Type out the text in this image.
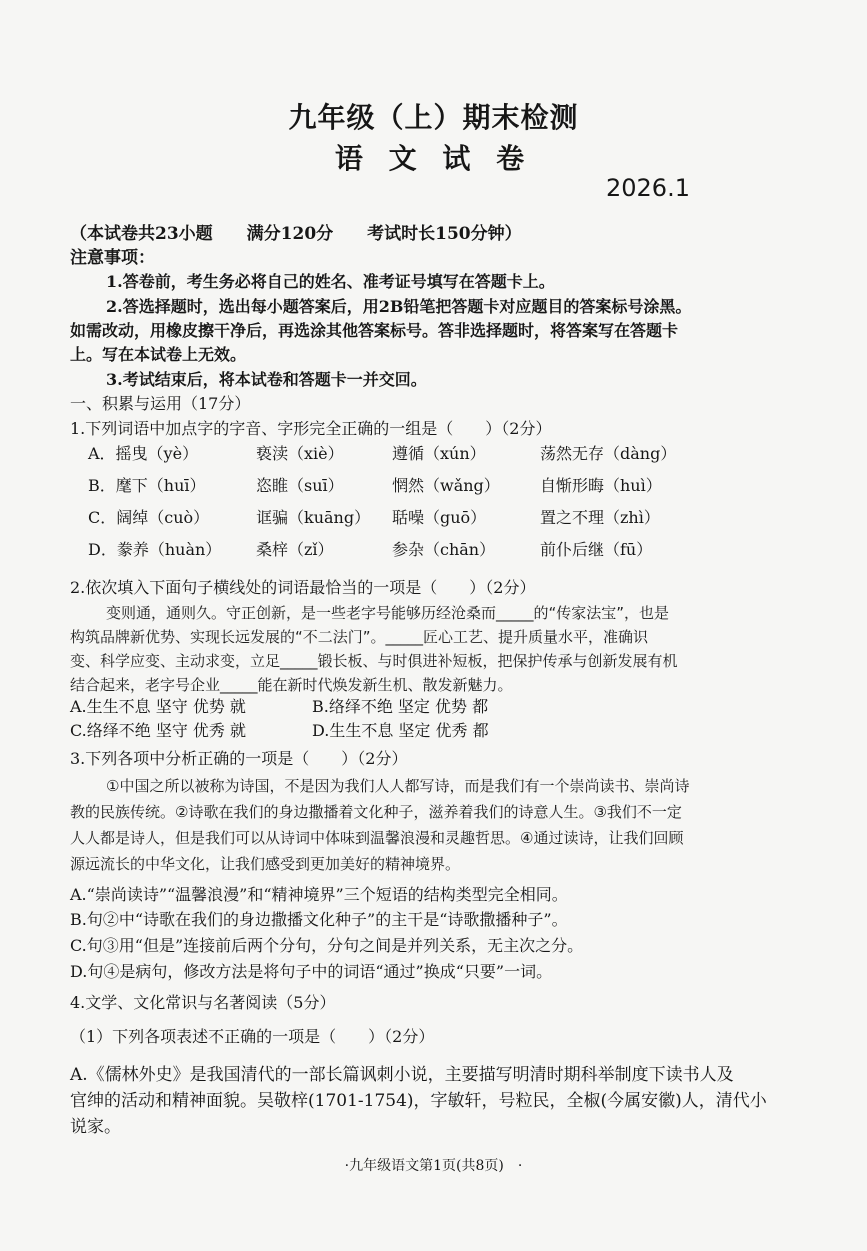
九年级（上）期末检测
语 文 试 卷
2026.1
（本试卷共23小题　　满分120分　　考试时长150分钟）
注意事项：
1.答卷前，考生务必将自己的姓名、准考证号填写在答题卡上。
2.答选择题时，选出每小题答案后，用2B铅笔把答题卡对应题目的答案标号涂黑。
如需改动，用橡皮擦干净后，再选涂其他答案标号。答非选择题时，将答案写在答题卡
上。写在本试卷上无效。
3.考试结束后，将本试卷和答题卡一并交回。
一、积累与运用（17分）
1.下列词语中加点字的字音、字形完全正确的一组是（　　）（2分）
A．摇曳（yè）	亵渎（xiè）	遵循（xún）	荡然无存（dàng）
B．麾下（huī）	恣睢（suī）	惘然（wǎng）	自惭形晦（huì）
C．阔绰（cuò）	诓骗（kuāng） 聒噪（guō）	置之不理（zhì）
D．豢养（huàn） 桑梓（zǐ）	参杂（chān）	前仆后继（fū）
2.依次填入下面句子横线处的词语最恰当的一项是（　　）（2分）
变则通，通则久。守正创新，是一些老字号能够历经沧桑而_____的“传家法宝”，也是
构筑品牌新优势、实现长远发展的“不二法门”。_____匠心工艺、提升质量水平，准确识
变、科学应变、主动求变，立足_____锻长板、与时俱进补短板，把保护传承与创新发展有机
结合起来，老字号企业_____能在新时代焕发新生机、散发新魅力。
A.生生不息 坚守 优势 就	B.络绎不绝 坚定 优势 都
C.络绎不绝 坚守 优秀 就	D.生生不息 坚定 优秀 都
3.下列各项中分析正确的一项是（　　）（2分）
①中国之所以被称为诗国，不是因为我们人人都写诗，而是我们有一个崇尚读书、崇尚诗
教的民族传统。②诗歌在我们的身边撒播着文化种子，滋养着我们的诗意人生。③我们不一定
人人都是诗人，但是我们可以从诗词中体味到温馨浪漫和灵趣哲思。④通过读诗，让我们回顾
源远流长的中华文化，让我们感受到更加美好的精神境界。
A.“崇尚读诗”“温馨浪漫”和“精神境界”三个短语的结构类型完全相同。
B.句②中“诗歌在我们的身边撒播文化种子”的主干是“诗歌撒播种子”。
C.句③用“但是”连接前后两个分句，分句之间是并列关系，无主次之分。
D.句④是病句，修改方法是将句子中的词语“通过”换成“只要”一词。
4.文学、文化常识与名著阅读（5分）
（1）下列各项表述不正确的一项是（　　）（2分）
A.《儒林外史》是我国清代的一部长篇讽刺小说，主要描写明清时期科举制度下读书人及
官绅的活动和精神面貌。吴敬梓(1701-1754)，字敏轩，号粒民，全椒(今属安徽)人，清代小
说家。
·九年级语文第1页(共8页)　·
